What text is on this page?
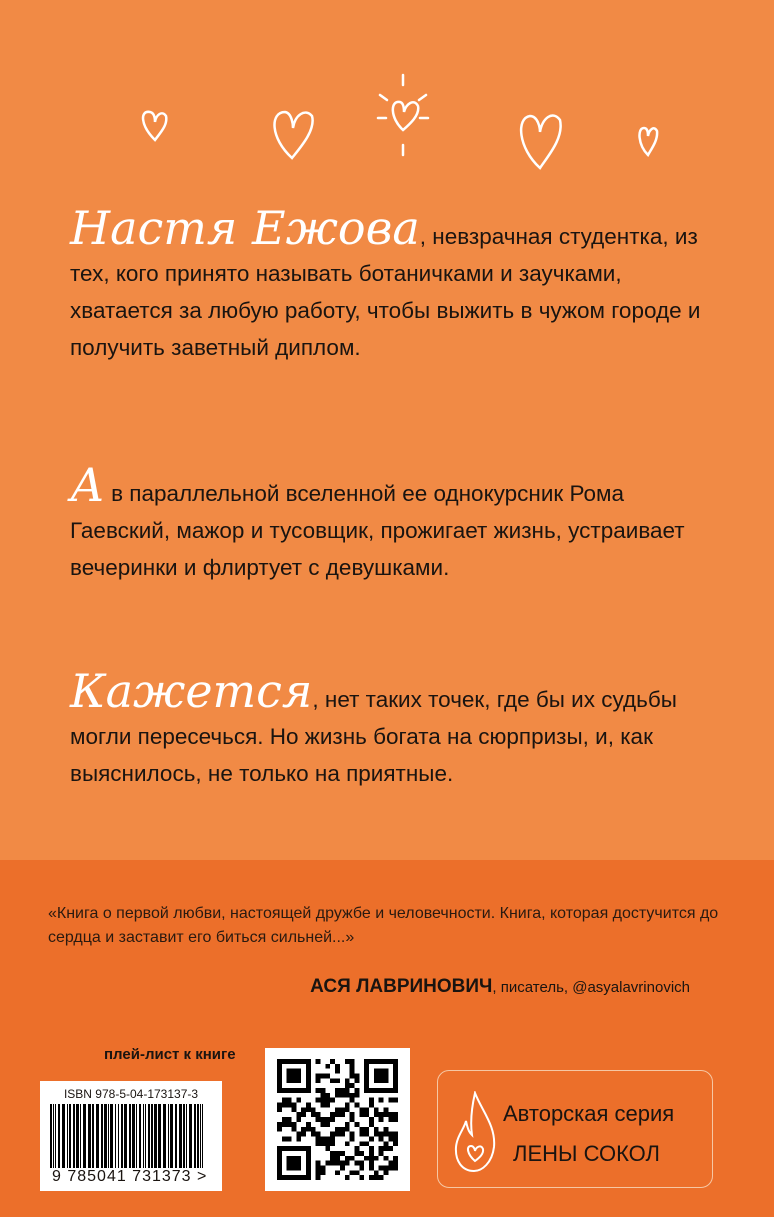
Настя Ежова, невзрачная студентка, из тех, кого принято называть ботаничками и заучками, хватается за любую работу, чтобы выжить в чужом городе и получить заветный диплом.
А в параллельной вселенной ее однокурсник Рома Гаевский, мажор и тусовщик, прожигает жизнь, устраивает вечеринки и флиртует с девушками.
Кажется, нет таких точек, где бы их судьбы могли пересечься. Но жизнь богата на сюрпризы, и, как выяснилось, не только на приятные.
«Книга о первой любви, настоящей дружбе и человечности. Книга, которая достучится до сердца и заставит его биться сильней...»
АСЯ ЛАВРИНОВИЧ, писатель, @asyalavrinovich
плей-лист к книге
ISBN 978-5-04-173137-3
9 785041 731373 >
Авторская серия
ЛЕНЫ СОКОЛ
